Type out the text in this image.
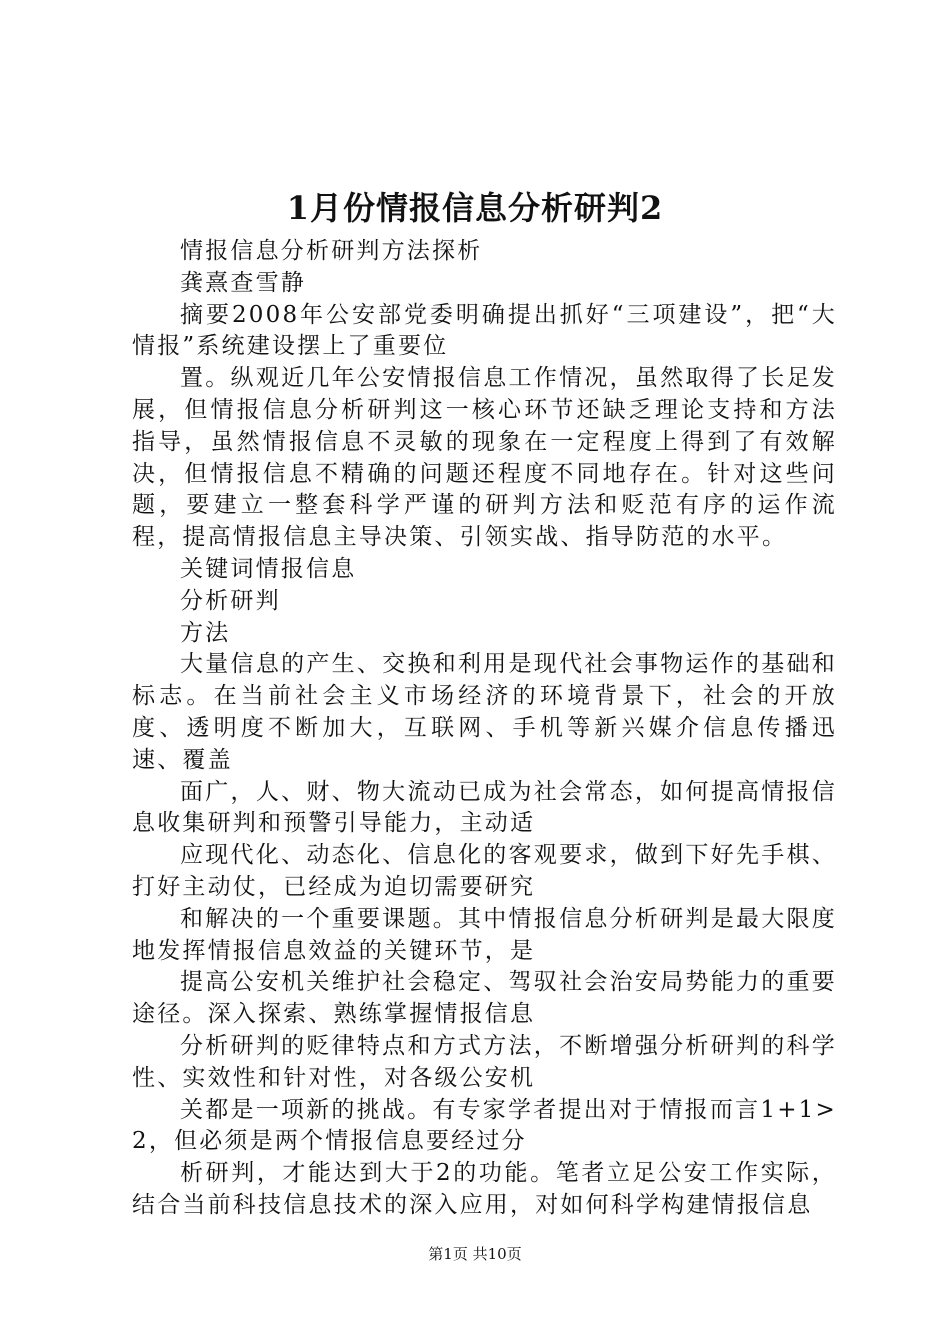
1月份情报信息分析研判2

情报信息分析研判方法探析

龚熹查雪静

摘要2008年公安部党委明确提出抓好“三项建设”，把“大情报”系统建设摆上了重要位

置。纵观近几年公安情报信息工作情况，虽然取得了长足发展，但情报信息分析研判这一核心环节还缺乏理论支持和方法指导，虽然情报信息不灵敏的现象在一定程度上得到了有效解决，但情报信息不精确的问题还程度不同地存在。针对这些问题，要建立一整套科学严谨的研判方法和贬范有序的运作流程，提高情报信息主导决策、引领实战、指导防范的水平。

关键词情报信息

分析研判

方法

大量信息的产生、交换和利用是现代社会事物运作的基础和标志。在当前社会主义市场经济的环境背景下，社会的开放度、透明度不断加大，互联网、手机等新兴媒介信息传播迅速、覆盖

面广，人、财、物大流动已成为社会常态，如何提高情报信息收集研判和预警引导能力，主动适

应现代化、动态化、信息化的客观要求，做到下好先手棋、打好主动仗，已经成为迫切需要研究

和解决的一个重要课题。其中情报信息分析研判是最大限度地发挥情报信息效益的关键环节，是

提高公安机关维护社会稳定、驾驭社会治安局势能力的重要途径。深入探索、熟练掌握情报信息

分析研判的贬律特点和方式方法，不断增强分析研判的科学性、实效性和针对性，对各级公安机

关都是一项新的挑战。有专家学者提出对于情报而言1+1>2，但必须是两个情报信息要经过分

析研判，才能达到大于2的功能。笔者立足公安工作实际，结合当前科技信息技术的深入应用，对如何科学构建情报信息

第1页 共10页
